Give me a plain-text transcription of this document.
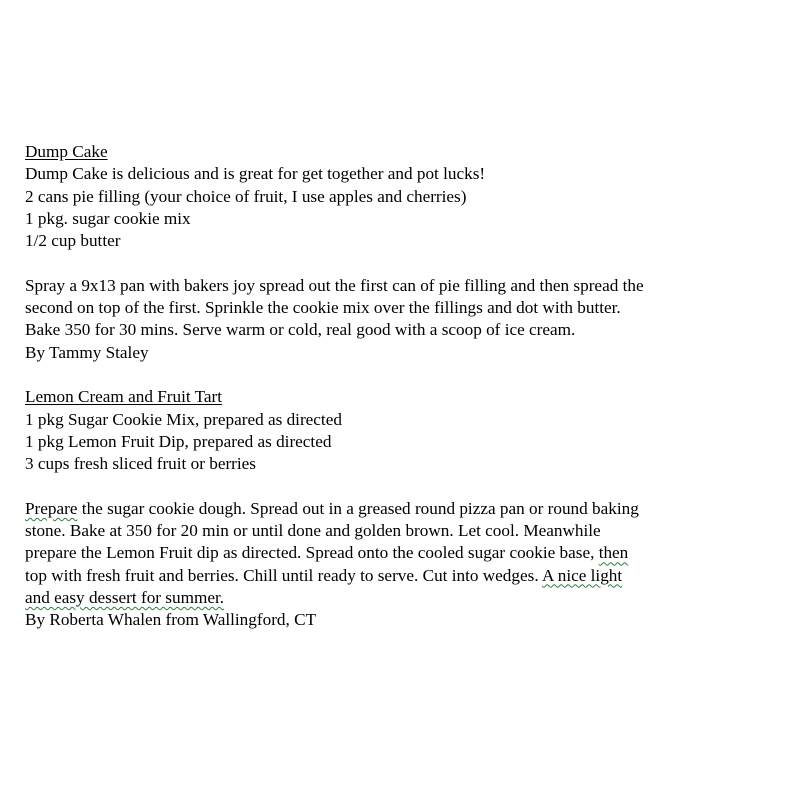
Dump Cake
Dump Cake is delicious and is great for get together and pot lucks!
2 cans pie filling (your choice of fruit, I use apples and cherries)
1 pkg. sugar cookie mix
1/2 cup butter
Spray a 9x13 pan with bakers joy spread out the first can of pie filling and then spread the
second on top of the first. Sprinkle the cookie mix over the fillings and dot with butter.
Bake 350 for 30 mins. Serve warm or cold, real good with a scoop of ice cream.
By Tammy Staley
Lemon Cream and Fruit Tart
1 pkg Sugar Cookie Mix, prepared as directed
1 pkg Lemon Fruit Dip, prepared as directed
3 cups fresh sliced fruit or berries
Prepare the sugar cookie dough. Spread out in a greased round pizza pan or round baking
stone. Bake at 350 for 20 min or until done and golden brown. Let cool. Meanwhile
prepare the Lemon Fruit dip as directed. Spread onto the cooled sugar cookie base, then
top with fresh fruit and berries. Chill until ready to serve. Cut into wedges. A nice light
and easy dessert for summer.
By Roberta Whalen from Wallingford, CT
